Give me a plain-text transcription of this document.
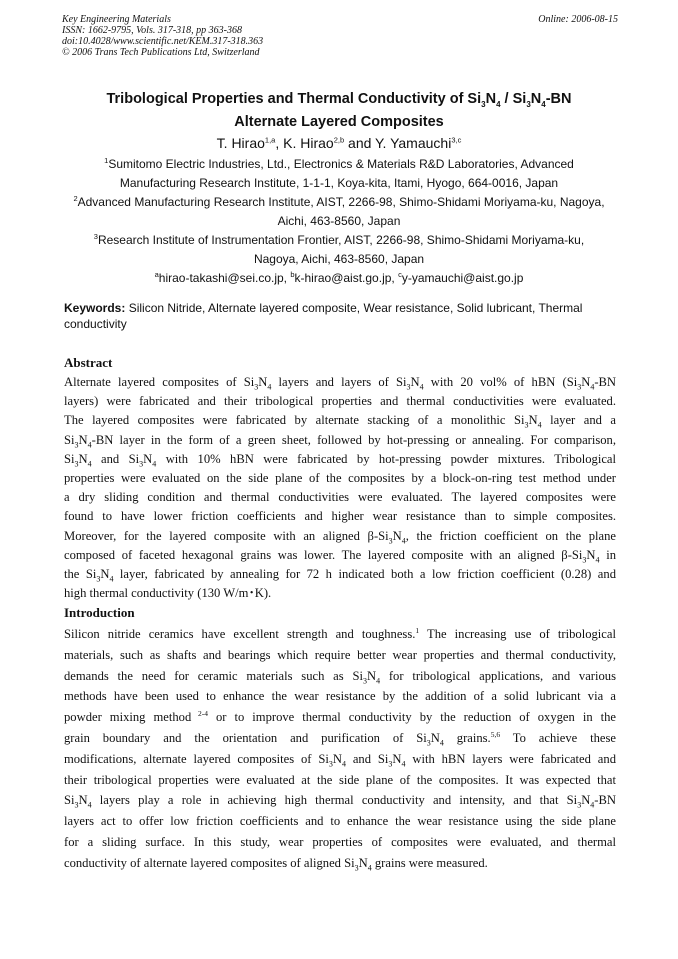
Key Engineering Materials
ISSN: 1662-9795, Vols. 317-318, pp 363-368
doi:10.4028/www.scientific.net/KEM.317-318.363
© 2006 Trans Tech Publications Ltd, Switzerland
Online: 2006-08-15
Tribological Properties and Thermal Conductivity of $Si_3N_4 / Si_3N_4-BN$
Alternate Layered Composites
T. Hirao$^{1,a}$, K. Hirao$^{2,b}$ and Y. Yamauchi$^{3,c}$
$^1$Sumitomo Electric Industries, Ltd., Electronics & Materials R&D Laboratories, Advanced
Manufacturing Research Institute, 1-1-1, Koya-kita, Itami, Hyogo, 664-0016, Japan
$^2$Advanced Manufacturing Research Institute, AIST, 2266-98, Shimo-Shidami Moriyama-ku, Nagoya,
Aichi, 463-8560, Japan
$^3$Research Institute of Instrumentation Frontier, AIST, 2266-98, Shimo-Shidami Moriyama-ku,
Nagoya, Aichi, 463-8560, Japan
$^a$hirao-takashi@sei.co.jp, $^b$k-hirao@aist.go.jp, $^c$y-yamauchi@aist.go.jp
Keywords: Silicon Nitride, Alternate layered composite, Wear resistance, Solid lubricant, Thermal conductivity
Abstract
Alternate layered composites of $Si_3N_4$ layers and layers of $Si_3N_4$ with 20 vol% of hBN ($Si_3N_4-BN$
layers) were fabricated and their tribological properties and thermal conductivities were evaluated.
The layered composites were fabricated by alternate stacking of a monolithic $Si_3N_4$ layer and a
$Si_3N_4-BN$ layer in the form of a green sheet, followed by hot-pressing or annealing. For comparison,
$Si_3N_4$ and $Si_3N_4$ with 10% hBN were fabricated by hot-pressing powder mixtures. Tribological
properties were evaluated on the side plane of the composites by a block-on-ring test method under
a dry sliding condition and thermal conductivities were evaluated. The layered composites were
found to have lower friction coefficients and higher wear resistance than to simple composites.
Moreover, for the layered composite with an aligned $\beta-Si_3N_4$, the friction coefficient on the plane
composed of faceted hexagonal grains was lower. The layered composite with an aligned $\beta-Si_3N_4$ in
the $Si_3N_4$ layer, fabricated by annealing for 72 h indicated both a low friction coefficient (0.28) and
high thermal conductivity (130 W/m･K).
Introduction
Silicon nitride ceramics have excellent strength and toughness.$^1$ The increasing use of tribological
materials, such as shafts and bearings which require better wear properties and thermal conductivity,
demands the need for ceramic materials such as $Si_3N_4$ for tribological applications, and various
methods have been used to enhance the wear resistance by the addition of a solid lubricant via a
powder mixing method $^{2-4}$ or to improve thermal conductivity by the reduction of oxygen in the
grain boundary and the orientation and purification of $Si_3N_4$ grains.$^{5,6}$ To achieve these
modifications, alternate layered composites of $Si_3N_4$ and $Si_3N_4$ with hBN layers were fabricated and
their tribological properties were evaluated at the side plane of the composites. It was expected that
$Si_3N_4$ layers play a role in achieving high thermal conductivity and intensity, and that $Si_3N_4-BN$
layers act to offer low friction coefficients and to enhance the wear resistance using the side plane
for a sliding surface. In this study, wear properties of composites were evaluated, and thermal
conductivity of alternate layered composites of aligned $Si_3N_4$ grains were measured.
